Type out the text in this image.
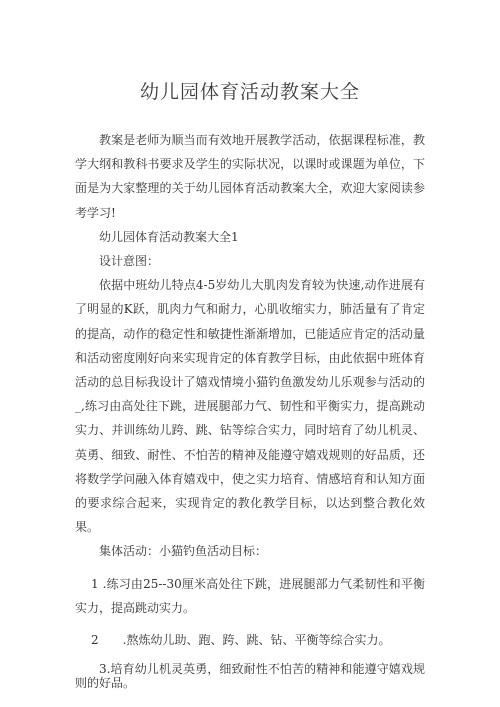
幼儿园体育活动教案大全

教案是老师为顺当而有效地开展教学活动，依据课程标准，教学大纲和教科书要求及学生的实际状况，以课时或课题为单位，下面是为大家整理的关于幼儿园体育活动教案大全，欢迎大家阅读参考学习!

幼儿园体育活动教案大全1

设计意图：

依据中班幼儿特点4-5岁幼儿大肌肉发育较为快速,动作进展有了明显的K跃，肌肉力气和耐力，心肌收缩实力，肺活量有了肯定的提高，动作的稳定性和敏捷性渐渐增加，已能适应肯定的活动量和活动密度刚好向来实现肯定的体育教学目标，由此依据中班体育活动的总目标我设计了嬉戏情境小猫钓鱼激发幼儿乐观参与活动的_,练习由高处往下跳，进展腿部力气、韧性和平衡实力，提高跳动实力、并训练幼儿跨、跳、钻等综合实力，同时培育了幼儿机灵、英勇、细致、耐性、不怕苦的精神及能遵守嬉戏规则的好品质，还将数学学问融入体育嬉戏中，使之实力培育、情感培育和认知方面的要求综合起来，实现肯定的教化教学目标，以达到整合教化效果。

集体活动：小猫钓鱼活动目标：

1 .练习由25--30厘米高处往下跳，进展腿部力气柔韧性和平衡实力，提高跳动实力。

2　　.熬炼幼儿助、跑、跨、跳、钻、平衡等综合实力。

3.培育幼儿机灵英勇，细致耐性不怕苦的精神和能遵守嬉戏规则的好品。
